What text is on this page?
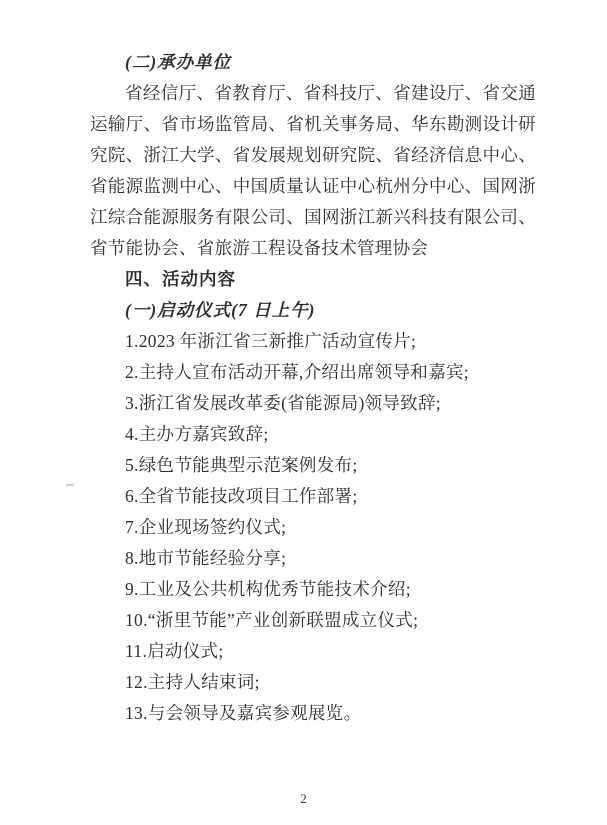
(二)承办单位

省经信厅、省教育厅、省科技厅、省建设厅、省交通运输厅、省市场监管局、省机关事务局、华东勘测设计研究院、浙江大学、省发展规划研究院、省经济信息中心、省能源监测中心、中国质量认证中心杭州分中心、国网浙江综合能源服务有限公司、国网浙江新兴科技有限公司、省节能协会、省旅游工程设备技术管理协会

四、活动内容

(一)启动仪式(7 日上午)

1.2023 年浙江省三新推广活动宣传片;

2.主持人宣布活动开幕,介绍出席领导和嘉宾;

3.浙江省发展改革委(省能源局)领导致辞;

4.主办方嘉宾致辞;

5.绿色节能典型示范案例发布;

6.全省节能技改项目工作部署;

7.企业现场签约仪式;

8.地市节能经验分享;

9.工业及公共机构优秀节能技术介绍;

10.“浙里节能”产业创新联盟成立仪式;

11.启动仪式;

12.主持人结束词;

13.与会领导及嘉宾参观展览。

2
